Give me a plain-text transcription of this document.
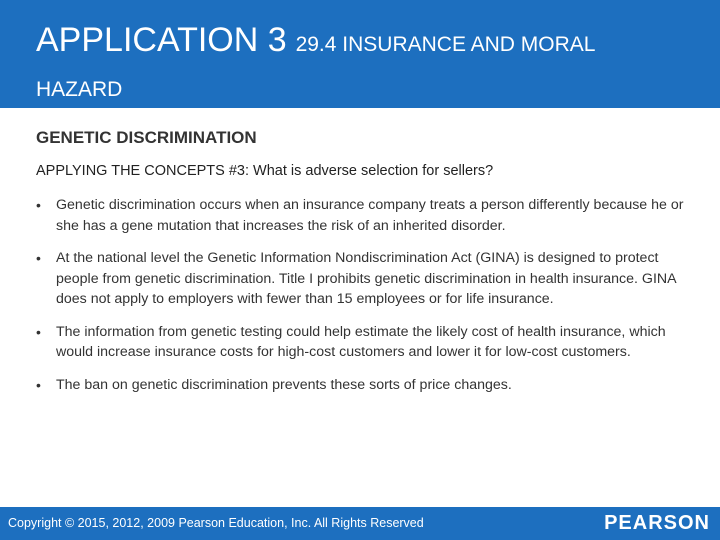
APPLICATION 3 29.4 INSURANCE AND MORAL
HAZARD
GENETIC DISCRIMINATION

APPLYING THE CONCEPTS #3: What is adverse selection for sellers?

• Genetic discrimination occurs when an insurance company treats a person differently because he or she has a gene mutation that increases the risk of an inherited disorder.
• At the national level the Genetic Information Nondiscrimination Act (GINA) is designed to protect people from genetic discrimination. Title I prohibits genetic discrimination in health insurance. GINA does not apply to employers with fewer than 15 employees or for life insurance.
• The information from genetic testing could help estimate the likely cost of health insurance, which would increase insurance costs for high-cost customers and lower it for low-cost customers.
• The ban on genetic discrimination prevents these sorts of price changes.
Copyright © 2015, 2012, 2009 Pearson Education, Inc. All Rights Reserved	PEARSON
